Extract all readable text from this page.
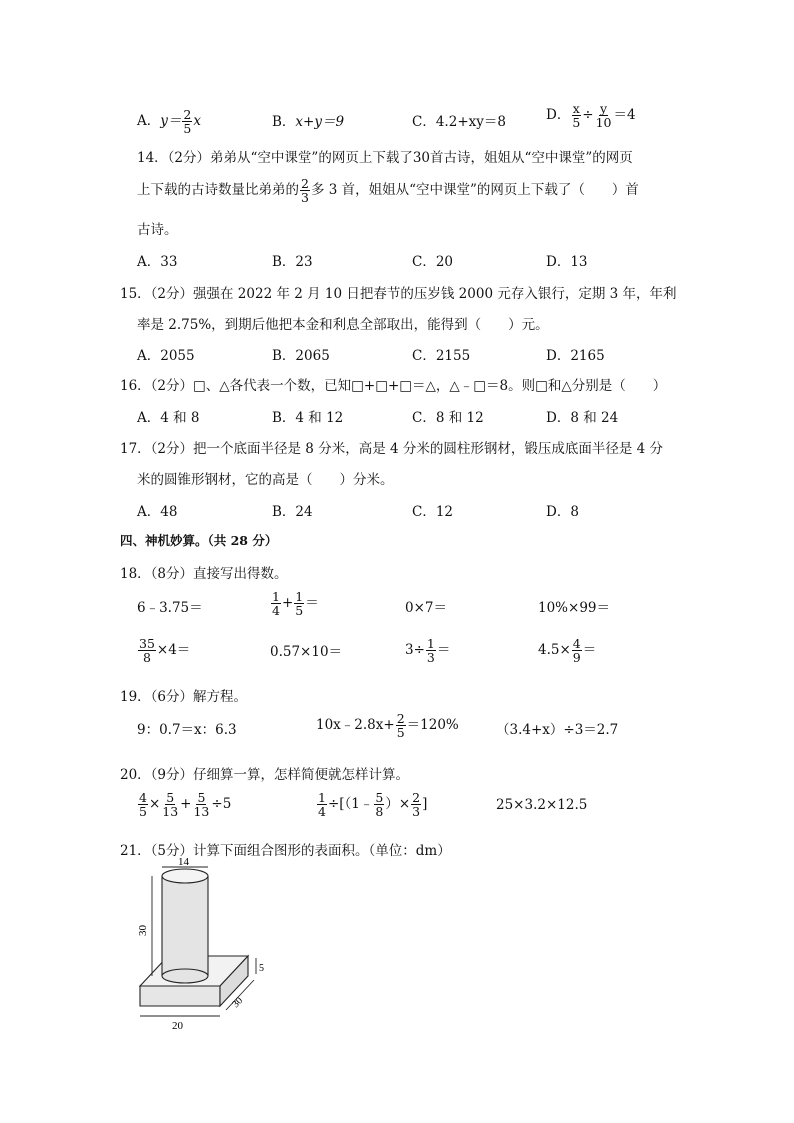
A．$y= \frac{2}{5}$ x	B．x+y＝9	C．4.2+xy＝8	D． $\frac{x}{5} \div \frac{y}{10} =4$
14．（2分）弟弟从“空中课堂”的网页上下载了30首古诗，姐姐从“空中课堂”的网页
上下载的古诗数量比弟弟的 $\frac{2}{3}$ 多 3 首，姐姐从“空中课堂”的网页上下载了（　　）首
古诗。
A．33	B．23	C．20	D．13
15．（2分）强强在 2022 年 2 月 10 日把春节的压岁钱 2000 元存入银行，定期 3 年，年利
率是 2.75%，到期后他把本金和利息全部取出，能得到（　　）元。
A．2055	B．2065	C．2155	D．2165
16．（2分）□、△各代表一个数，已知□+□+□＝△，△﹣□＝8。则□和△分别是（　　）
A．4 和 8	B．4 和 12	C．8 和 12	D．8 和 24
17．（2分）把一个底面半径是 8 分米，高是 4 分米的圆柱形钢材，锻压成底面半径是 4 分
米的圆锥形钢材，它的高是（　　）分米。
A．48	B．24	C．12	D．8
四、神机妙算。（共 28 分）
18．（8分）直接写出得数。
6﹣3.75＝	$\frac{1}{4} + \frac{1}{5}$ ＝	0×7＝	10%×99＝
$\frac{35}{8} \times 4=$	0.57×10＝	$3\div \frac{1}{3}$ ＝	$4.5\times \frac{4}{9}$ ＝
19．（6分）解方程。
9：0.7＝x：6.3	10x﹣2.8x+ $\frac{2}{5} =120\%$	（3.4+x）÷3＝2.7
20．（9分）仔细算一算，怎样简便就怎样计算。
$\frac{4}{5} \times \frac{5}{13} + \frac{5}{13} \div 5$	$\frac{1}{4}$ ÷[（1﹣ $\frac{5}{8}$ ）× $\frac{2}{3}$ ]	25×3.2×12.5
21．（5分）计算下面组合图形的表面积。（单位：dm）
14
30
5
30
20
